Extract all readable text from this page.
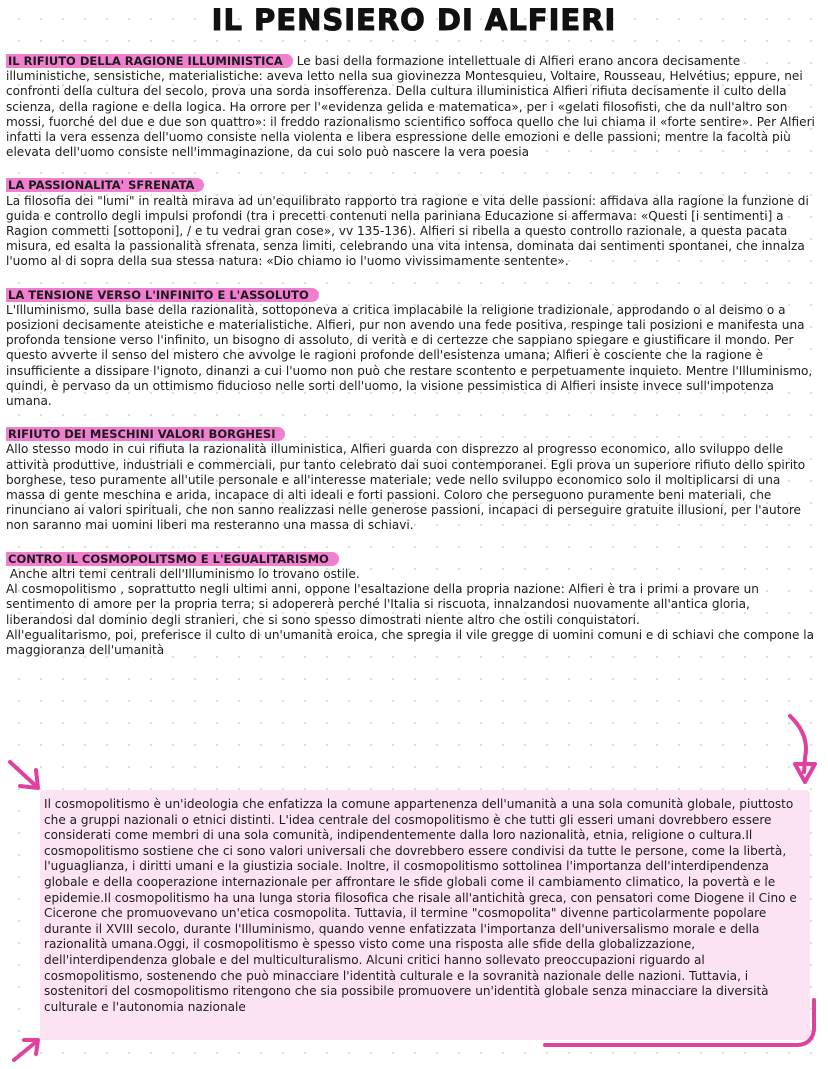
IL PENSIERO DI ALFIERI

IL RIFIUTO DELLA RAGIONE ILLUMINISTICA Le basi della formazione intellettuale di Alfieri erano ancora decisamente illuministiche, sensistiche, materialistiche: aveva letto nella sua giovinezza Montesquieu, Voltaire, Rousseau, Helvétius; eppure, nei confronti della cultura del secolo, prova una sorda insofferenza. Della cultura illuministica Alfieri rifiuta decisamente il culto della scienza, della ragione e della logica. Ha orrore per l'«evidenza gelida e matematica», per i «gelati filosofisti, che da null'altro son mossi, fuorché del due e due son quattro»: il freddo razionalismo scientifico soffoca quello che lui chiama il «forte sentire». Per Alfieri infatti la vera essenza dell'uomo consiste nella violenta e libera espressione delle emozioni e delle passioni; mentre la facoltà più elevata dell'uomo consiste nell'immaginazione, da cui solo può nascere la vera poesia

LA PASSIONALITA' SFRENATA

La filosofia dei "lumi" in realtà mirava ad un'equilibrato rapporto tra ragione e vita delle passioni: affidava alla ragione la funzione di guida e controllo degli impulsi profondi (tra i precetti contenuti nella pariniana Educazione si affermava: «Questi [i sentimenti] a Ragion commetti [sottoponi], / e tu vedrai gran cose», vv 135-136). Alfieri si ribella a questo controllo razionale, a questa pacata misura, ed esalta la passionalità sfrenata, senza limiti, celebrando una vita intensa, dominata dai sentimenti spontanei, che innalza l'uomo al di sopra della sua stessa natura: «Dio chiamo io l'uomo vivissimamente sentente».

LA TENSIONE VERSO L'INFINITO E L'ASSOLUTO

L'Illuminismo, sulla base della razionalità, sottoponeva a critica implacabile la religione tradizionale, approdando o al deismo o a posizioni decisamente ateistiche e materialistiche. Alfieri, pur non avendo una fede positiva, respinge tali posizioni e manifesta una profonda tensione verso l'infinito, un bisogno di assoluto, di verità e di certezze che sappiano spiegare e giustificare il mondo. Per questo avverte il senso del mistero che avvolge le ragioni profonde dell'esistenza umana; Alfieri è cosciente che la ragione è insufficiente a dissipare l'ignoto, dinanzi a cui l'uomo non può che restare scontento e perpetuamente inquieto. Mentre l'Illuminismo, quindi, è pervaso da un ottimismo fiducioso nelle sorti dell'uomo, la visione pessimistica di Alfieri insiste invece sull'impotenza umana.

RIFIUTO DEI MESCHINI VALORI BORGHESI

Allo stesso modo in cui rifiuta la razionalità illuministica, Alfieri guarda con disprezzo al progresso economico, allo sviluppo delle attività produttive, industriali e commerciali, pur tanto celebrato dai suoi contemporanei. Egli prova un superiore rifiuto dello spirito borghese, teso puramente all'utile personale e all'interesse materiale; vede nello sviluppo economico solo il moltiplicarsi di una massa di gente meschina e arida, incapace di alti ideali e forti passioni. Coloro che perseguono puramente beni materiali, che rinunciano ai valori spirituali, che non sanno realizzasi nelle generose passioni, incapaci di perseguire gratuite illusioni, per l'autore non saranno mai uomini liberi ma resteranno una massa di schiavi.

CONTRO IL COSMOPOLITSMO E L'EGUALITARISMO

Anche altri temi centrali dell'Illuminismo lo trovano ostile.

Al cosmopolitismo , soprattutto negli ultimi anni, oppone l'esaltazione della propria nazione: Alfieri è tra i primi a provare un sentimento di amore per la propria terra; si adopererà perché l'Italia si riscuota, innalzandosi nuovamente all'antica gloria, liberandosi dal dominio degli stranieri, che si sono spesso dimostrati niente altro che ostili conquistatori.

All'egualitarismo, poi, preferisce il culto di un'umanità eroica, che spregia il vile gregge di uomini comuni e di schiavi che compone la maggioranza dell'umanità

Il cosmopolitismo è un'ideologia che enfatizza la comune appartenenza dell'umanità a una sola comunità globale, piuttosto che a gruppi nazionali o etnici distinti. L'idea centrale del cosmopolitismo è che tutti gli esseri umani dovrebbero essere considerati come membri di una sola comunità, indipendentemente dalla loro nazionalità, etnia, religione o cultura.Il cosmopolitismo sostiene che ci sono valori universali che dovrebbero essere condivisi da tutte le persone, come la libertà, l'uguaglianza, i diritti umani e la giustizia sociale. Inoltre, il cosmopolitismo sottolinea l'importanza dell'interdipendenza globale e della cooperazione internazionale per affrontare le sfide globali come il cambiamento climatico, la povertà e le epidemie.Il cosmopolitismo ha una lunga storia filosofica che risale all'antichità greca, con pensatori come Diogene il Cino e Cicerone che promuovevano un'etica cosmopolita. Tuttavia, il termine "cosmopolita" divenne particolarmente popolare durante il XVIII secolo, durante l'Illuminismo, quando venne enfatizzata l'importanza dell'universalismo morale e della razionalità umana.Oggi, il cosmopolitismo è spesso visto come una risposta alle sfide della globalizzazione, dell'interdipendenza globale e del multiculturalismo. Alcuni critici hanno sollevato preoccupazioni riguardo al cosmopolitismo, sostenendo che può minacciare l'identità culturale e la sovranità nazionale delle nazioni. Tuttavia, i sostenitori del cosmopolitismo ritengono che sia possibile promuovere un'identità globale senza minacciare la diversità culturale e l'autonomia nazionale
